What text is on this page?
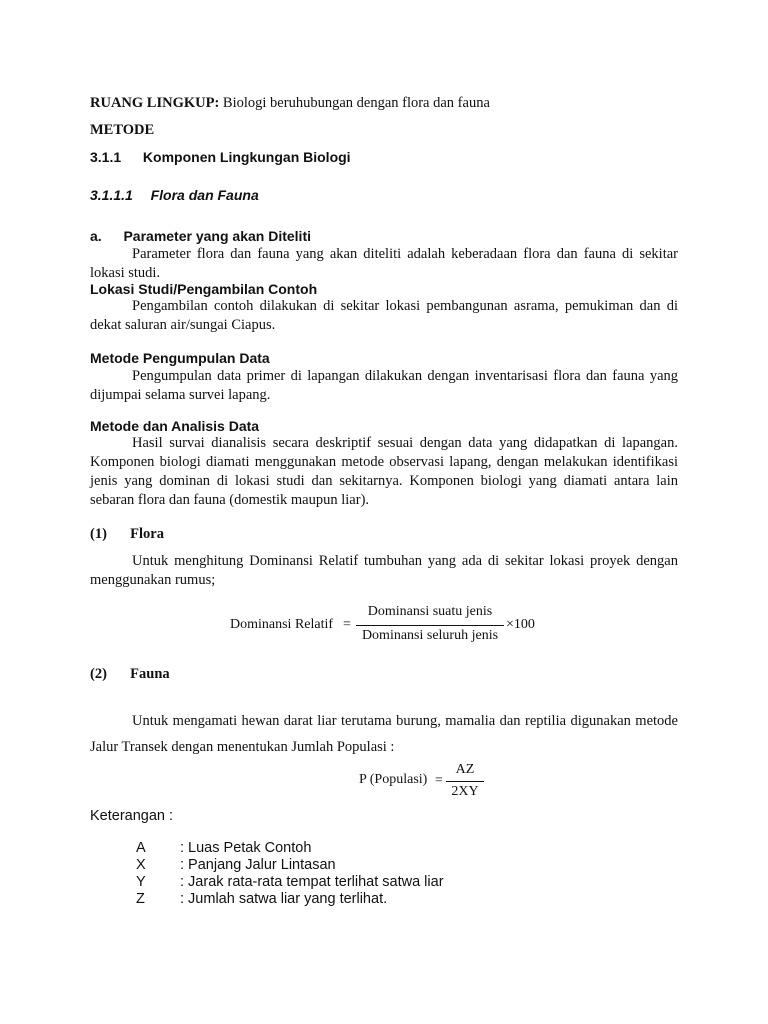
RUANG LINGKUP: Biologi beruhubungan dengan flora dan fauna
METODE
3.1.1 Komponen Lingkungan Biologi
3.1.1.1 Flora dan Fauna
a. Parameter yang akan Diteliti
Parameter flora dan fauna yang akan diteliti adalah keberadaan flora dan fauna di sekitar lokasi studi.
Lokasi Studi/Pengambilan Contoh
Pengambilan contoh dilakukan di sekitar lokasi pembangunan asrama, pemukiman dan di dekat saluran air/sungai Ciapus.
Metode Pengumpulan Data
Pengumpulan data primer di lapangan dilakukan dengan inventarisasi flora dan fauna yang dijumpai selama survei lapang.
Metode dan Analisis Data
Hasil survai dianalisis secara deskriptif sesuai dengan data yang didapatkan di lapangan. Komponen biologi diamati menggunakan metode observasi lapang, dengan melakukan identifikasi jenis yang dominan di lokasi studi dan sekitarnya. Komponen biologi yang diamati antara lain sebaran flora dan fauna (domestik maupun liar).
(1) Flora
Untuk menghitung Dominansi Relatif tumbuhan yang ada di sekitar lokasi proyek dengan menggunakan rumus;
Dominansi Relatif =
Dominansi suatu jenis
Dominansi seluruh jenis
×100
(2) Fauna
Untuk mengamati hewan darat liar terutama burung, mamalia dan reptilia digunakan metode Jalur Transek dengan menentukan Jumlah Populasi :
P (Populasi) =
AZ
2XY
Keterangan :
A : Luas Petak Contoh
X : Panjang Jalur Lintasan
Y : Jarak rata-rata tempat terlihat satwa liar
Z : Jumlah satwa liar yang terlihat.
